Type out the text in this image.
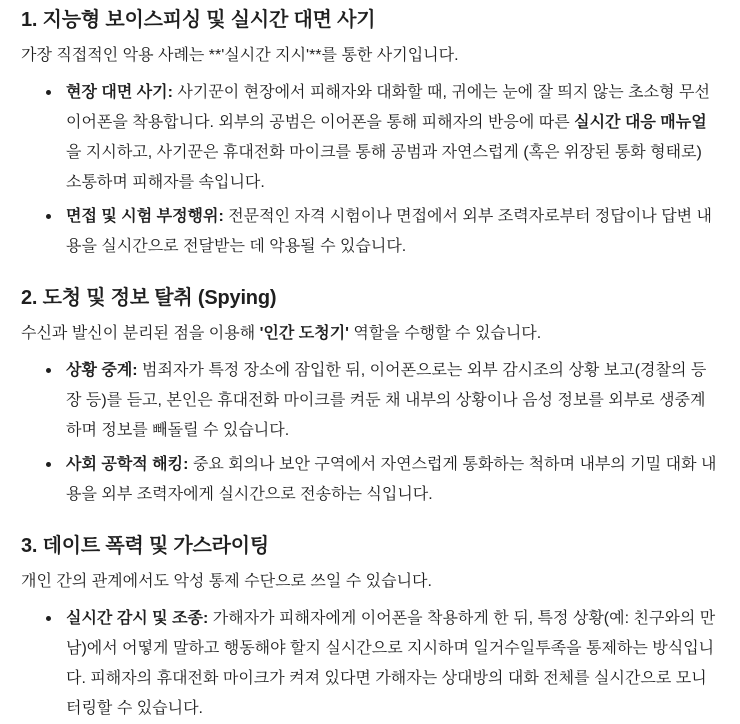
1. 지능형 보이스피싱 및 실시간 대면 사기

가장 직접적인 악용 사례는 **'실시간 지시'**를 통한 사기입니다.

현장 대면 사기: 사기꾼이 현장에서 피해자와 대화할 때, 귀에는 눈에 잘 띄지 않는 초소형 무선 이어폰을 착용합니다. 외부의 공범은 이어폰을 통해 피해자의 반응에 따른 실시간 대응 매뉴얼을 지시하고, 사기꾼은 휴대전화 마이크를 통해 공범과 자연스럽게 (혹은 위장된 통화 형태로) 소통하며 피해자를 속입니다.
면접 및 시험 부정행위: 전문적인 자격 시험이나 면접에서 외부 조력자로부터 정답이나 답변 내용을 실시간으로 전달받는 데 악용될 수 있습니다.
2. 도청 및 정보 탈취 (Spying)

수신과 발신이 분리된 점을 이용해 '인간 도청기' 역할을 수행할 수 있습니다.

상황 중계: 범죄자가 특정 장소에 잠입한 뒤, 이어폰으로는 외부 감시조의 상황 보고(경찰의 등장 등)를 듣고, 본인은 휴대전화 마이크를 켜둔 채 내부의 상황이나 음성 정보를 외부로 생중계하며 정보를 빼돌릴 수 있습니다.
사회 공학적 해킹: 중요 회의나 보안 구역에서 자연스럽게 통화하는 척하며 내부의 기밀 대화 내용을 외부 조력자에게 실시간으로 전송하는 식입니다.
3. 데이트 폭력 및 가스라이팅

개인 간의 관계에서도 악성 통제 수단으로 쓰일 수 있습니다.

실시간 감시 및 조종: 가해자가 피해자에게 이어폰을 착용하게 한 뒤, 특정 상황(예: 친구와의 만남)에서 어떻게 말하고 행동해야 할지 실시간으로 지시하며 일거수일투족을 통제하는 방식입니다. 피해자의 휴대전화 마이크가 켜져 있다면 가해자는 상대방의 대화 전체를 실시간으로 모니터링할 수 있습니다.
